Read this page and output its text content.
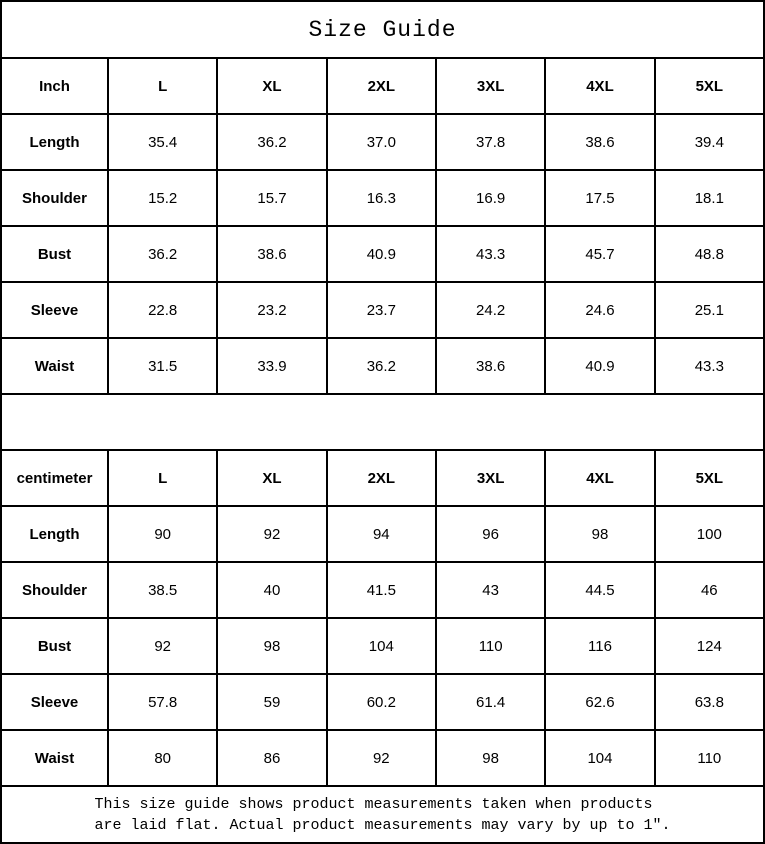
Size Guide						
Inch	L	XL	2XL	3XL	4XL	5XL
Length	35.4	36.2	37.0	37.8	38.6	39.4
Shoulder	15.2	15.7	16.3	16.9	17.5	18.1
Bust	36.2	38.6	40.9	43.3	45.7	48.8
Sleeve	22.8	23.2	23.7	24.2	24.6	25.1
Waist	31.5	33.9	36.2	38.6	40.9	43.3

centimeter	L	XL	2XL	3XL	4XL	5XL
Length	90	92	94	96	98	100
Shoulder	38.5	40	41.5	43	44.5	46
Bust	92	98	104	110	116	124
Sleeve	57.8	59	60.2	61.4	62.6	63.8
Waist	80	86	92	98	104	110

This size guide shows product measurements taken when products
are laid flat. Actual product measurements may vary by up to 1″.						
